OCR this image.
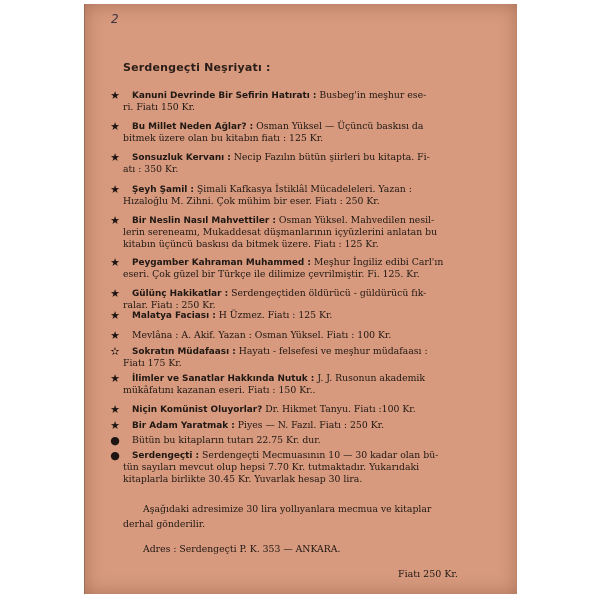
2
Serdengeçti Neşriyatı :
★ Kanuni Devrinde Bir Sefirin Hatıratı : Busbeg'in meşhur ese-
ri. Fiatı 150 Kr.
★ Bu Millet Neden Ağlar? : Osman Yüksel — Üçüncü baskısı da
bitmek üzere olan bu kitabın fiatı : 125 Kr.
★ Sonsuzluk Kervanı : Necip Fazılın bütün şiirleri bu kitapta. Fi-
atı : 350 Kr.
★ Şeyh Şamil : Şimali Kafkasya İstiklâl Mücadeleleri. Yazan :
Hızaloğlu M. Zihni. Çok mühim bir eser. Fiatı : 250 Kr.
★ Bir Neslin Nasıl Mahvettiler : Osman Yüksel. Mahvedilen nesil-
lerin sereneamı, Mukaddesat düşmanlarının içyüzlerini anlatan bu
kitabın üçüncü baskısı da bitmek üzere. Fiatı : 125 Kr.
★ Peygamber Kahraman Muhammed : Meşhur İngiliz edibi Carl'ın
eseri. Çok güzel bir Türkçe ile dilimize çevrilmiştir. Fi. 125. Kr.
★ Gülünç Hakikatlar : Serdengeçtiden öldürücü - güldürücü fık-
ralar. Fiatı : 250 Kr.
★ Malatya Faciası : H Üzmez. Fiatı : 125 Kr.
★ Mevlâna : A. Akif. Yazan : Osman Yüksel. Fiatı : 100 Kr.
✫ Sokratın Müdafaası : Hayatı - felsefesi ve meşhur müdafaası :
Fiatı 175 Kr.
★ İlimler ve Sanatlar Hakkında Nutuk : J. J. Rusonun akademik
mükâfatını kazanan eseri. Fiatı : 150 Kr..
★ Niçin Komünist Oluyorlar? Dr. Hikmet Tanyu. Fiatı :100 Kr.
★ Bir Adam Yaratmak : Piyes — N. Fazıl. Fiatı : 250 Kr.
● Bütün bu kitapların tutarı 22.75 Kr. dur.
● Serdengeçti : Serdengeçti Mecmuasının 10 — 30 kadar olan bü-
tün sayıları mevcut olup hepsi 7.70 Kr. tutmaktadır. Yukarıdaki
kitaplarla birlikte 30.45 Kr. Yuvarlak hesap 30 lira.
Aşağıdaki adresimize 30 lira yollıyanlara mecmua ve kitaplar
derhal gönderilir.
Adres : Serdengeçti P. K. 353 — ANKARA.
Fiatı 250 Kr.
